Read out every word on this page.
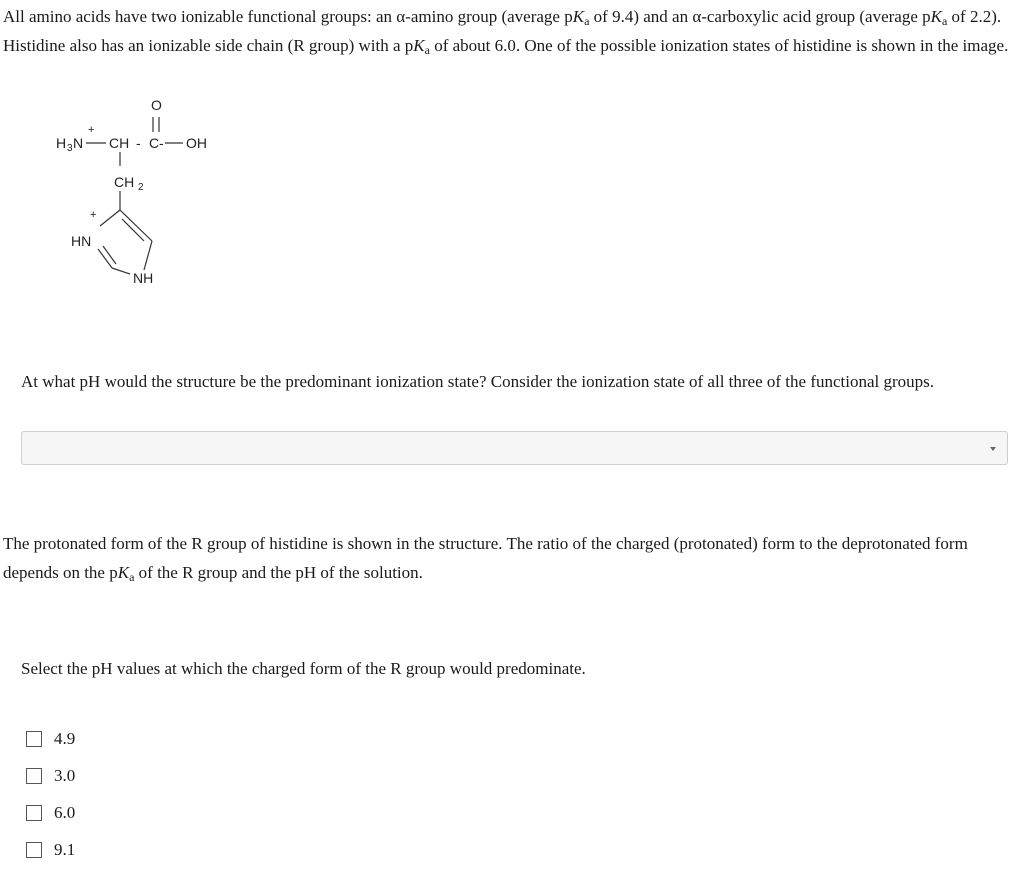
All amino acids have two ionizable functional groups: an α-amino group (average $pK_a$ of 9.4) and an α-carboxylic acid group (average $pK_a$ of 2.2). Histidine also has an ionizable side chain (R group) with a $pK_a$ of about 6.0. One of the possible ionization states of histidine is shown in the image.
O
+
H 3 N CH - C - OH
CH 2
+
HN
NH
At what pH would the structure be the predominant ionization state? Consider the ionization state of all three of the functional groups.
The protonated form of the R group of histidine is shown in the structure. The ratio of the charged (protonated) form to the deprotonated form depends on the $pK_a$ of the R group and the pH of the solution.
Select the pH values at which the charged form of the R group would predominate.
4.9
3.0
6.0
9.1
